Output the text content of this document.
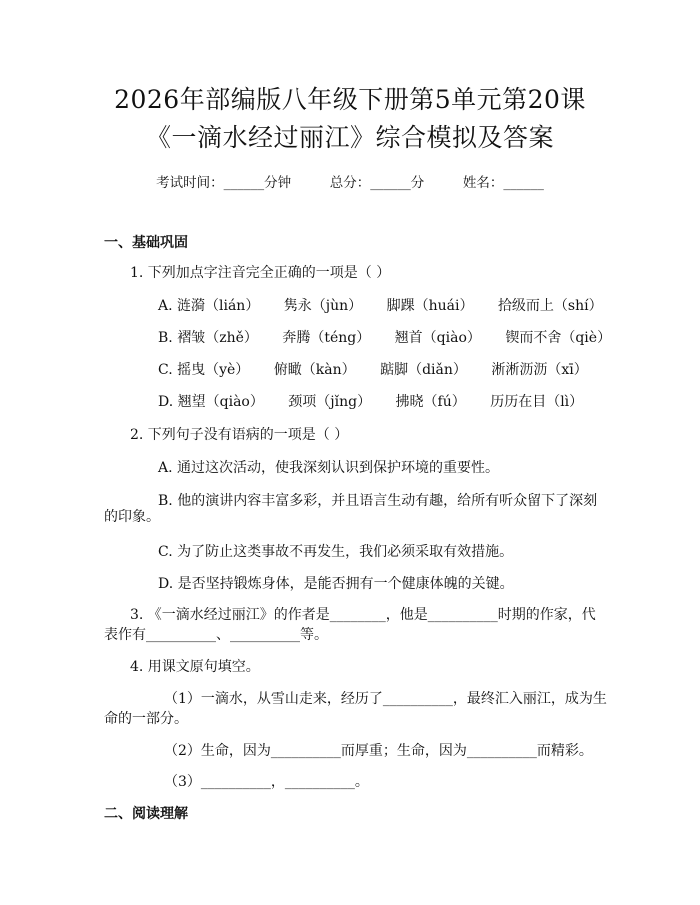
2026年部编版八年级下册第5单元第20课
《一滴水经过丽江》综合模拟及答案
考试时间：______分钟	总分：______分	姓名：______
一、基础巩固
1. 下列加点字注音完全正确的一项是（ ）
A. 涟漪（lián） 隽永（jùn） 脚踝（huái） 拾级而上（shí）
B. 褶皱（zhě） 奔腾（téng） 翘首（qiào） 锲而不舍（qiè）
C. 摇曳（yè） 俯瞰（kàn） 踮脚（diǎn） 淅淅沥沥（xī）
D. 翘望（qiào） 颈项（jǐng） 拂晓（fú） 历历在目（lì）
2. 下列句子没有语病的一项是（ ）
A. 通过这次活动，使我深刻认识到保护环境的重要性。
B. 他的演讲内容丰富多彩，并且语言生动有趣，给所有听众留下了深刻
的印象。
C. 为了防止这类事故不再发生，我们必须采取有效措施。
D. 是否坚持锻炼身体，是能否拥有一个健康体魄的关键。
3. 《一滴水经过丽江》的作者是________，他是__________时期的作家，代
表作有__________、__________等。
4. 用课文原句填空。
（1）一滴水，从雪山走来，经历了__________，最终汇入丽江，成为生
命的一部分。
（2）生命，因为__________而厚重；生命，因为__________而精彩。
（3）__________，__________。
二、阅读理解
